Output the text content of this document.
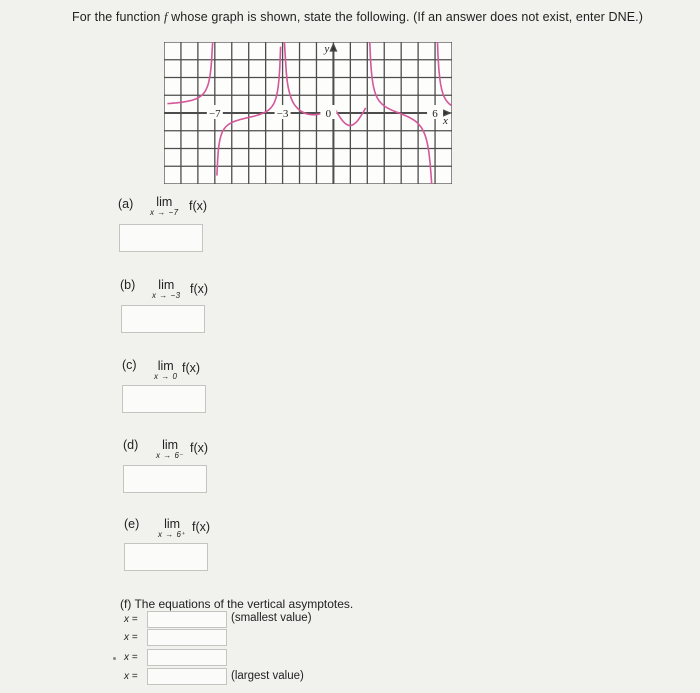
For the function f whose graph is shown, state the following. (If an answer does not exist, enter DNE.)
−7	−3	0	6
y
x
(a)	lim
x → −7 f(x)
(b)	lim
x → −3 f(x)
(c) lim
x → 0
f(x)
(d)	lim
x → 6⁻
f(x)
(e)	lim
x → 6⁺
f(x)
(f) The equations of the vertical asymptotes.
x =
x =
x =
x =
(smallest value)
(largest value)
